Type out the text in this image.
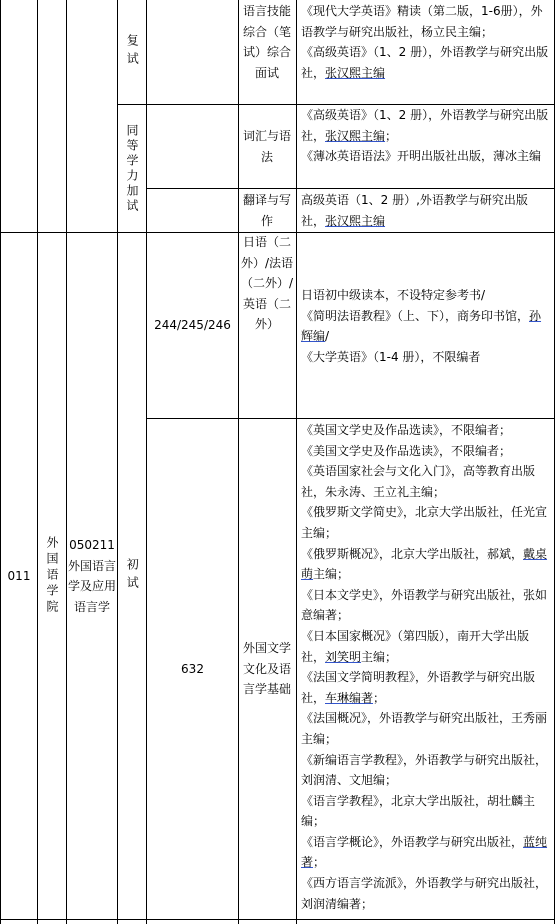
复试
同等学力加试
语言技能综合（笔试）综合面试
《现代大学英语》精读（第二版，1-6册），外语教学与研究出版社，杨立民主编；
《高级英语》（1、2 册），外语教学与研究出版社，张汉熙主编
词汇与语法
《高级英语》（1、2 册），外语教学与研究出版社，张汉熙主编；
《薄冰英语语法》开明出版社出版，薄冰主编
翻译与写作
高级英语（1、2 册）,外语教学与研究出版社，张汉熙主编
011 外国语学院 050211 外国语言学及应用语言学
初试
244/245/246
日语（二外）/法语（二外）/英语（二外）
日语初中级读本，不设特定参考书/
《简明法语教程》（上、下），商务印书馆，孙辉编/
《大学英语》（1-4 册），不限编者
632
外国文学文化及语言学基础
《英国文学史及作品选读》，不限编者；
《美国文学史及作品选读》，不限编者；
《英语国家社会与文化入门》，高等教育出版社，朱永涛、王立礼主编；
《俄罗斯文学简史》，北京大学出版社，任光宣主编；
《俄罗斯概况》，北京大学出版社，郝斌，戴桌萌主编；
《日本文学史》，外语教学与研究出版社，张如意编著；
《日本国家概况》（第四版），南开大学出版社，刘笑明主编；
《法国文学简明教程》，外语教学与研究出版社，车琳编著；
《法国概况》，外语教学与研究出版社，王秀丽主编；
《新编语言学教程》，外语教学与研究出版社，刘润清、文旭编；
《语言学教程》，北京大学出版社，胡壮麟主编；
《语言学概论》，外语教学与研究出版社，蓝纯著；
《西方语言学流派》，外语教学与研究出版社，刘润清编著；
